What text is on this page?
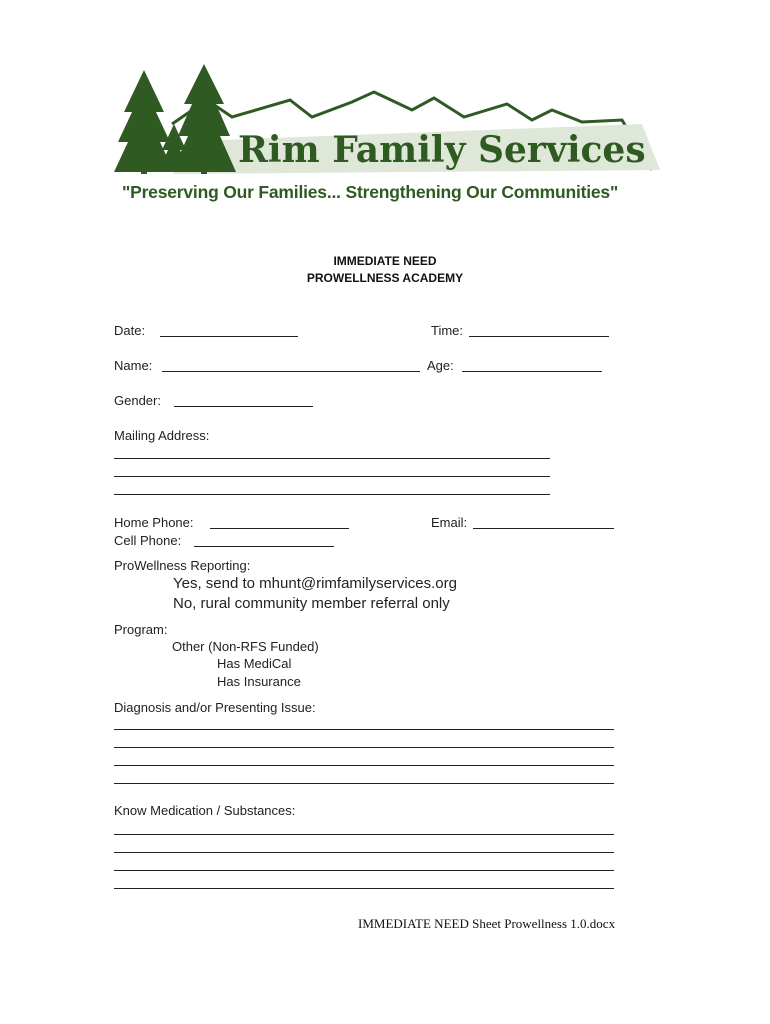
Rim Family Services
"Preserving Our Families... Strengthening Our Communities"
IMMEDIATE NEED
PROWELLNESS ACADEMY
Date:	Time:
Name:	Age:
Gender:
Mailing Address:
Home Phone:	Email:
Cell Phone:
ProWellness Reporting:
Yes, send to mhunt@rimfamilyservices.org
No, rural community member referral only
Program:
Other (Non-RFS Funded)
Has MediCal
Has Insurance
Diagnosis and/or Presenting Issue:
Know Medication / Substances:
IMMEDIATE NEED Sheet Prowellness 1.0.docx
